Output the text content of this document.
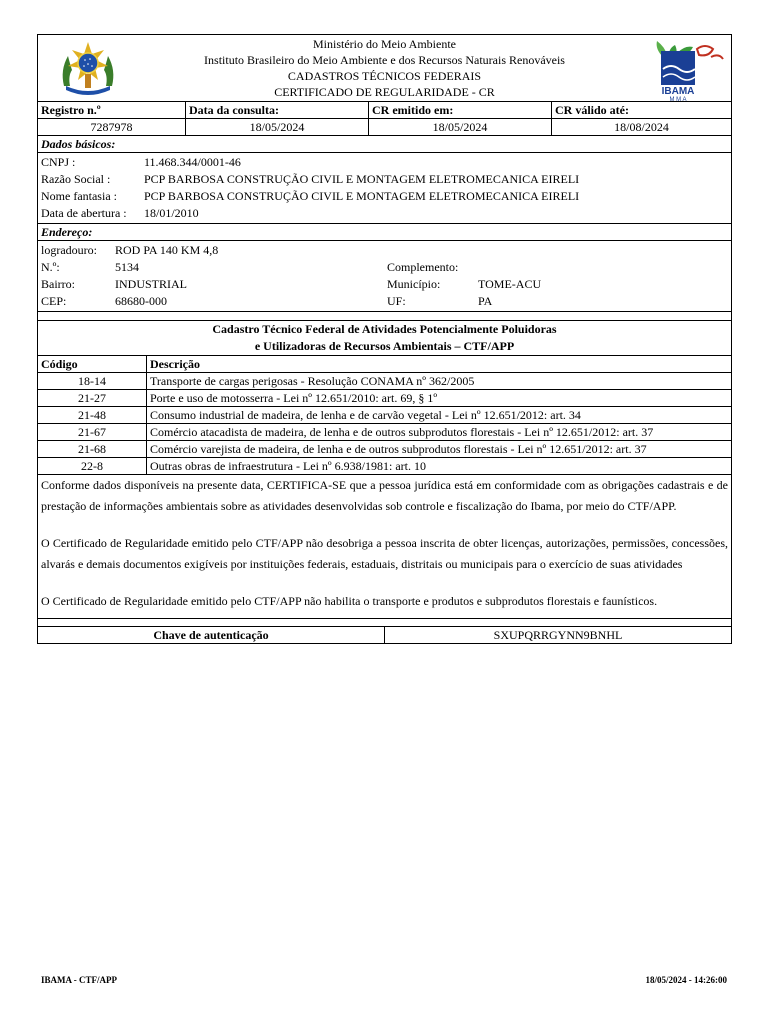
Ministério do Meio Ambiente
Instituto Brasileiro do Meio Ambiente e dos Recursos Naturais Renováveis
CADASTROS TÉCNICOS FEDERAIS
CERTIFICADO DE REGULARIDADE - CR	IBAMA
M M A
Registro n.º	Data da consulta:	CR emitido em:	CR válido até:
7287978	18/05/2024	18/05/2024	18/08/2024
Dados básicos:
CNPJ :	11.468.344/0001-46
Razão Social :	PCP BARBOSA CONSTRUÇÃO CIVIL E MONTAGEM ELETROMECANICA EIRELI
Nome fantasia :	PCP BARBOSA CONSTRUÇÃO CIVIL E MONTAGEM ELETROMECANICA EIRELI
Data de abertura :	18/01/2010
Endereço:
logradouro:	ROD PA 140 KM 4,8
N.º:	5134	Complemento:
Bairro:	INDUSTRIAL	Município:	TOME-ACU
CEP:	68680-000	UF:	PA
Cadastro Técnico Federal de Atividades Potencialmente Poluidoras
e Utilizadoras de Recursos Ambientais – CTF/APP
Código	Descrição
18-14	Transporte de cargas perigosas - Resolução CONAMA nº 362/2005
21-27	Porte e uso de motosserra - Lei nº 12.651/2010: art. 69, § 1º
21-48	Consumo industrial de madeira, de lenha e de carvão vegetal - Lei nº 12.651/2012: art. 34
21-67	Comércio atacadista de madeira, de lenha e de outros subprodutos florestais - Lei nº 12.651/2012: art. 37
21-68	Comércio varejista de madeira, de lenha e de outros subprodutos florestais - Lei nº 12.651/2012: art. 37
22-8	Outras obras de infraestrutura - Lei nº 6.938/1981: art. 10

Conforme dados disponíveis na presente data, CERTIFICA-SE que a pessoa jurídica está em conformidade com as obrigações cadastrais e de prestação de informações ambientais sobre as atividades desenvolvidas sob controle e fiscalização do Ibama, por meio do CTF/APP.

O Certificado de Regularidade emitido pelo CTF/APP não desobriga a pessoa inscrita de obter licenças, autorizações, permissões, concessões, alvarás e demais documentos exigíveis por instituições federais, estaduais, distritais ou municipais para o exercício de suas atividades

O Certificado de Regularidade emitido pelo CTF/APP não habilita o transporte e produtos e subprodutos florestais e faunísticos.

Chave de autenticação	SXUPQRRGYNN9BNHL
IBAMA - CTF/APP	18/05/2024 - 14:26:00
